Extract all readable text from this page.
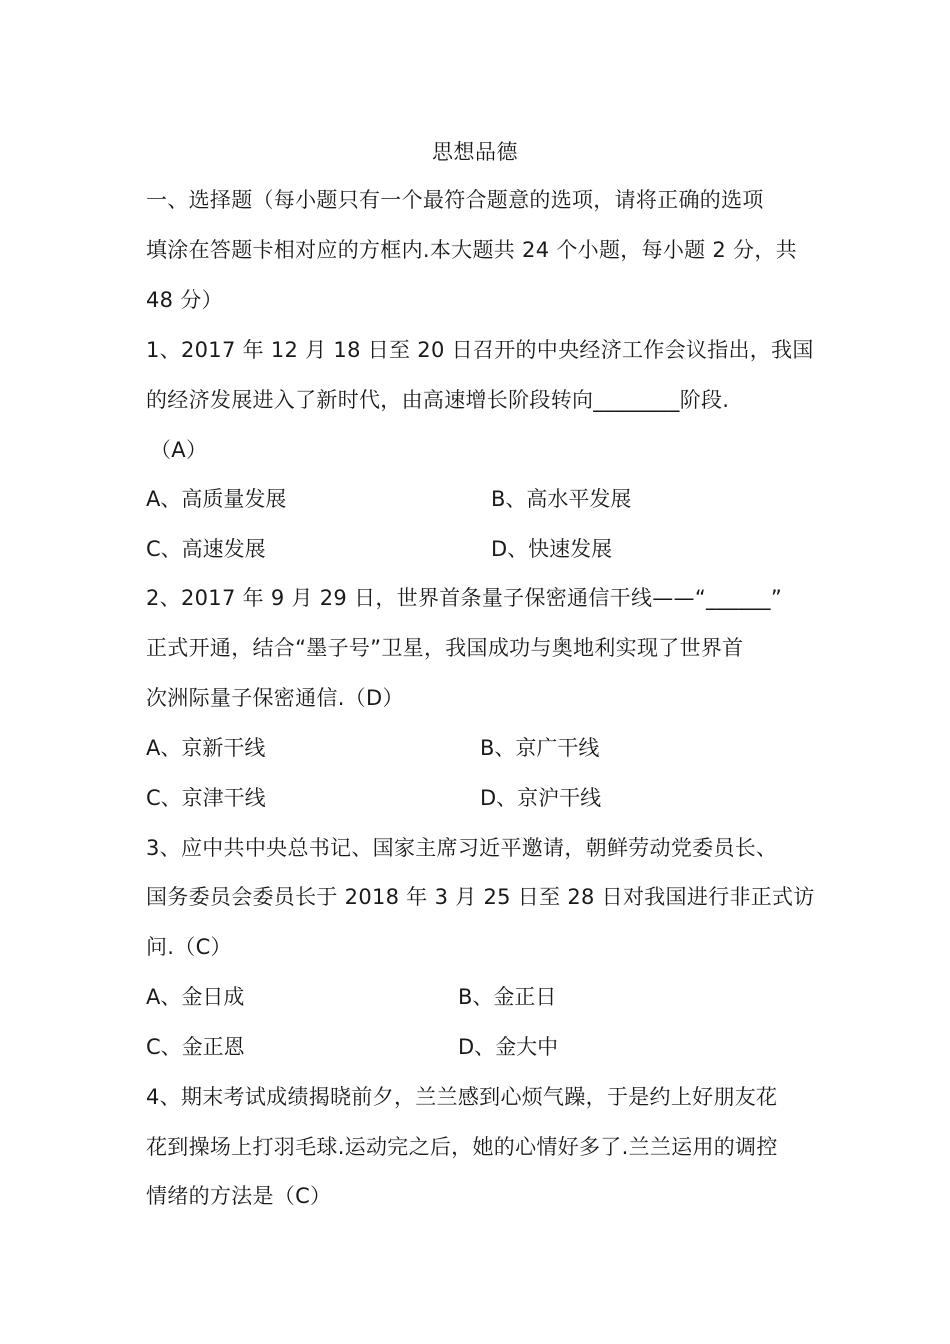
思想品德
一、选择题（每小题只有一个最符合题意的选项，请将正确的选项
填涂在答题卡相对应的方框内.本大题共 24 个小题，每小题 2 分，共
48 分）
1、2017 年 12 月 18 日至 20 日召开的中央经济工作会议指出，我国
的经济发展进入了新时代，由高速增长阶段转向________阶段.
（A）
A、高质量发展	B、高水平发展
C、高速发展	D、快速发展
2、2017 年 9 月 29 日，世界首条量子保密通信干线——“______”
正式开通，结合“墨子号”卫星，我国成功与奥地利实现了世界首
次洲际量子保密通信.（D）
A、京新干线	B、京广干线
C、京津干线	D、京沪干线
3、应中共中央总书记、国家主席习近平邀请，朝鲜劳动党委员长、
国务委员会委员长于 2018 年 3 月 25 日至 28 日对我国进行非正式访
问.（C）
A、金日成	B、金正日
C、金正恩	D、金大中
4、期末考试成绩揭晓前夕，兰兰感到心烦气躁，于是约上好朋友花
花到操场上打羽毛球.运动完之后，她的心情好多了.兰兰运用的调控
情绪的方法是（C）
